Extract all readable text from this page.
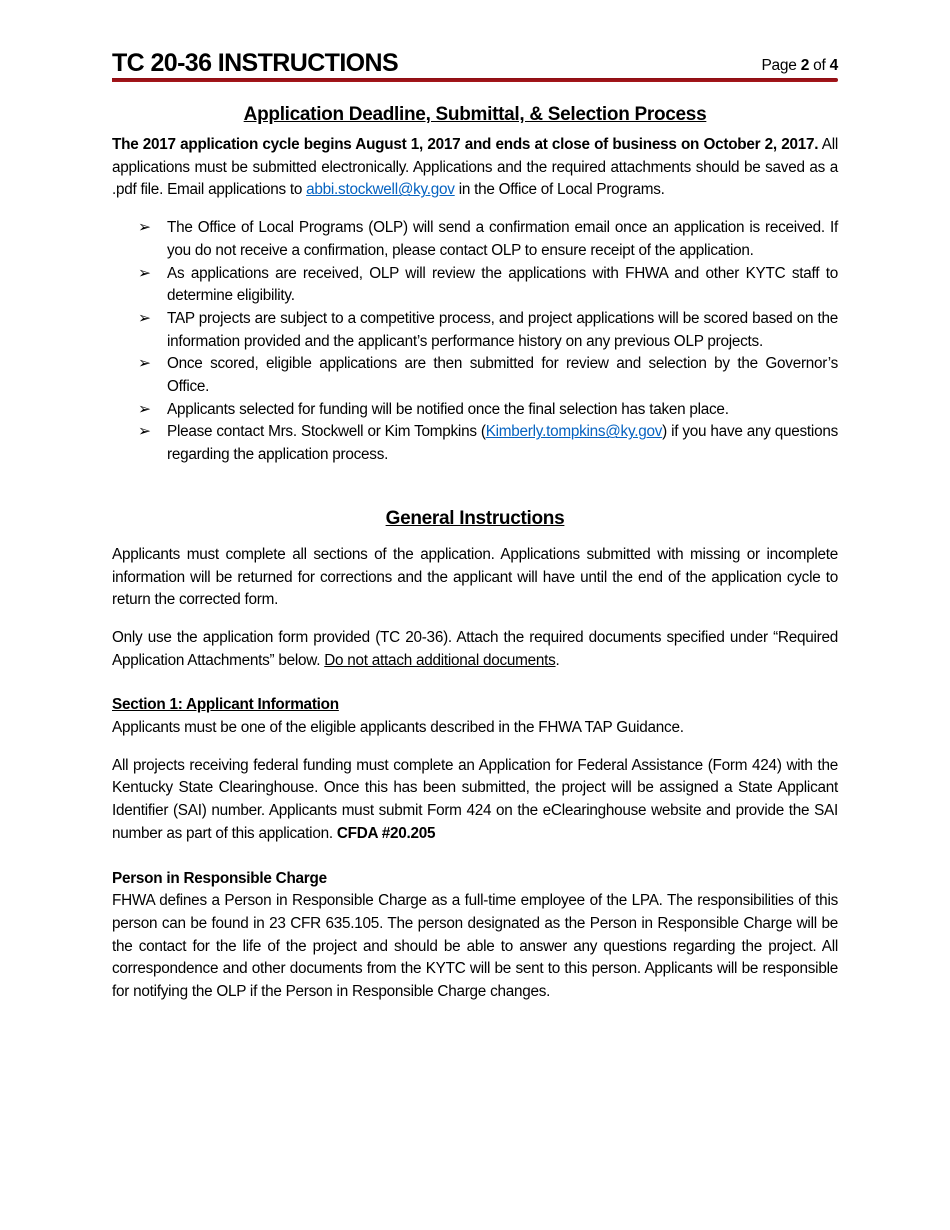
TC 20-36 INSTRUCTIONS	Page 2 of 4
Application Deadline, Submittal, & Selection Process

The 2017 application cycle begins August 1, 2017 and ends at close of business on October 2, 2017. All applications must be submitted electronically. Applications and the required attachments should be saved as a .pdf file. Email applications to abbi.stockwell@ky.gov in the Office of Local Programs.

➢ The Office of Local Programs (OLP) will send a confirmation email once an application is received. If you do not receive a confirmation, please contact OLP to ensure receipt of the application.
➢ As applications are received, OLP will review the applications with FHWA and other KYTC staff to determine eligibility.
➢ TAP projects are subject to a competitive process, and project applications will be scored based on the information provided and the applicant’s performance history on any previous OLP projects.
➢ Once scored, eligible applications are then submitted for review and selection by the Governor’s Office.
➢ Applicants selected for funding will be notified once the final selection has taken place.
➢ Please contact Mrs. Stockwell or Kim Tompkins (Kimberly.tompkins@ky.gov) if you have any questions regarding the application process.
General Instructions

Applicants must complete all sections of the application. Applications submitted with missing or incomplete information will be returned for corrections and the applicant will have until the end of the application cycle to return the corrected form.

Only use the application form provided (TC 20-36). Attach the required documents specified under “Required Application Attachments” below. Do not attach additional documents.

Section 1: Applicant Information

Applicants must be one of the eligible applicants described in the FHWA TAP Guidance.

All projects receiving federal funding must complete an Application for Federal Assistance (Form 424) with the Kentucky State Clearinghouse. Once this has been submitted, the project will be assigned a State Applicant Identifier (SAI) number. Applicants must submit Form 424 on the eClearinghouse website and provide the SAI number as part of this application. CFDA #20.205

Person in Responsible Charge

FHWA defines a Person in Responsible Charge as a full-time employee of the LPA. The responsibilities of this person can be found in 23 CFR 635.105. The person designated as the Person in Responsible Charge will be the contact for the life of the project and should be able to answer any questions regarding the project. All correspondence and other documents from the KYTC will be sent to this person. Applicants will be responsible for notifying the OLP if the Person in Responsible Charge changes.
